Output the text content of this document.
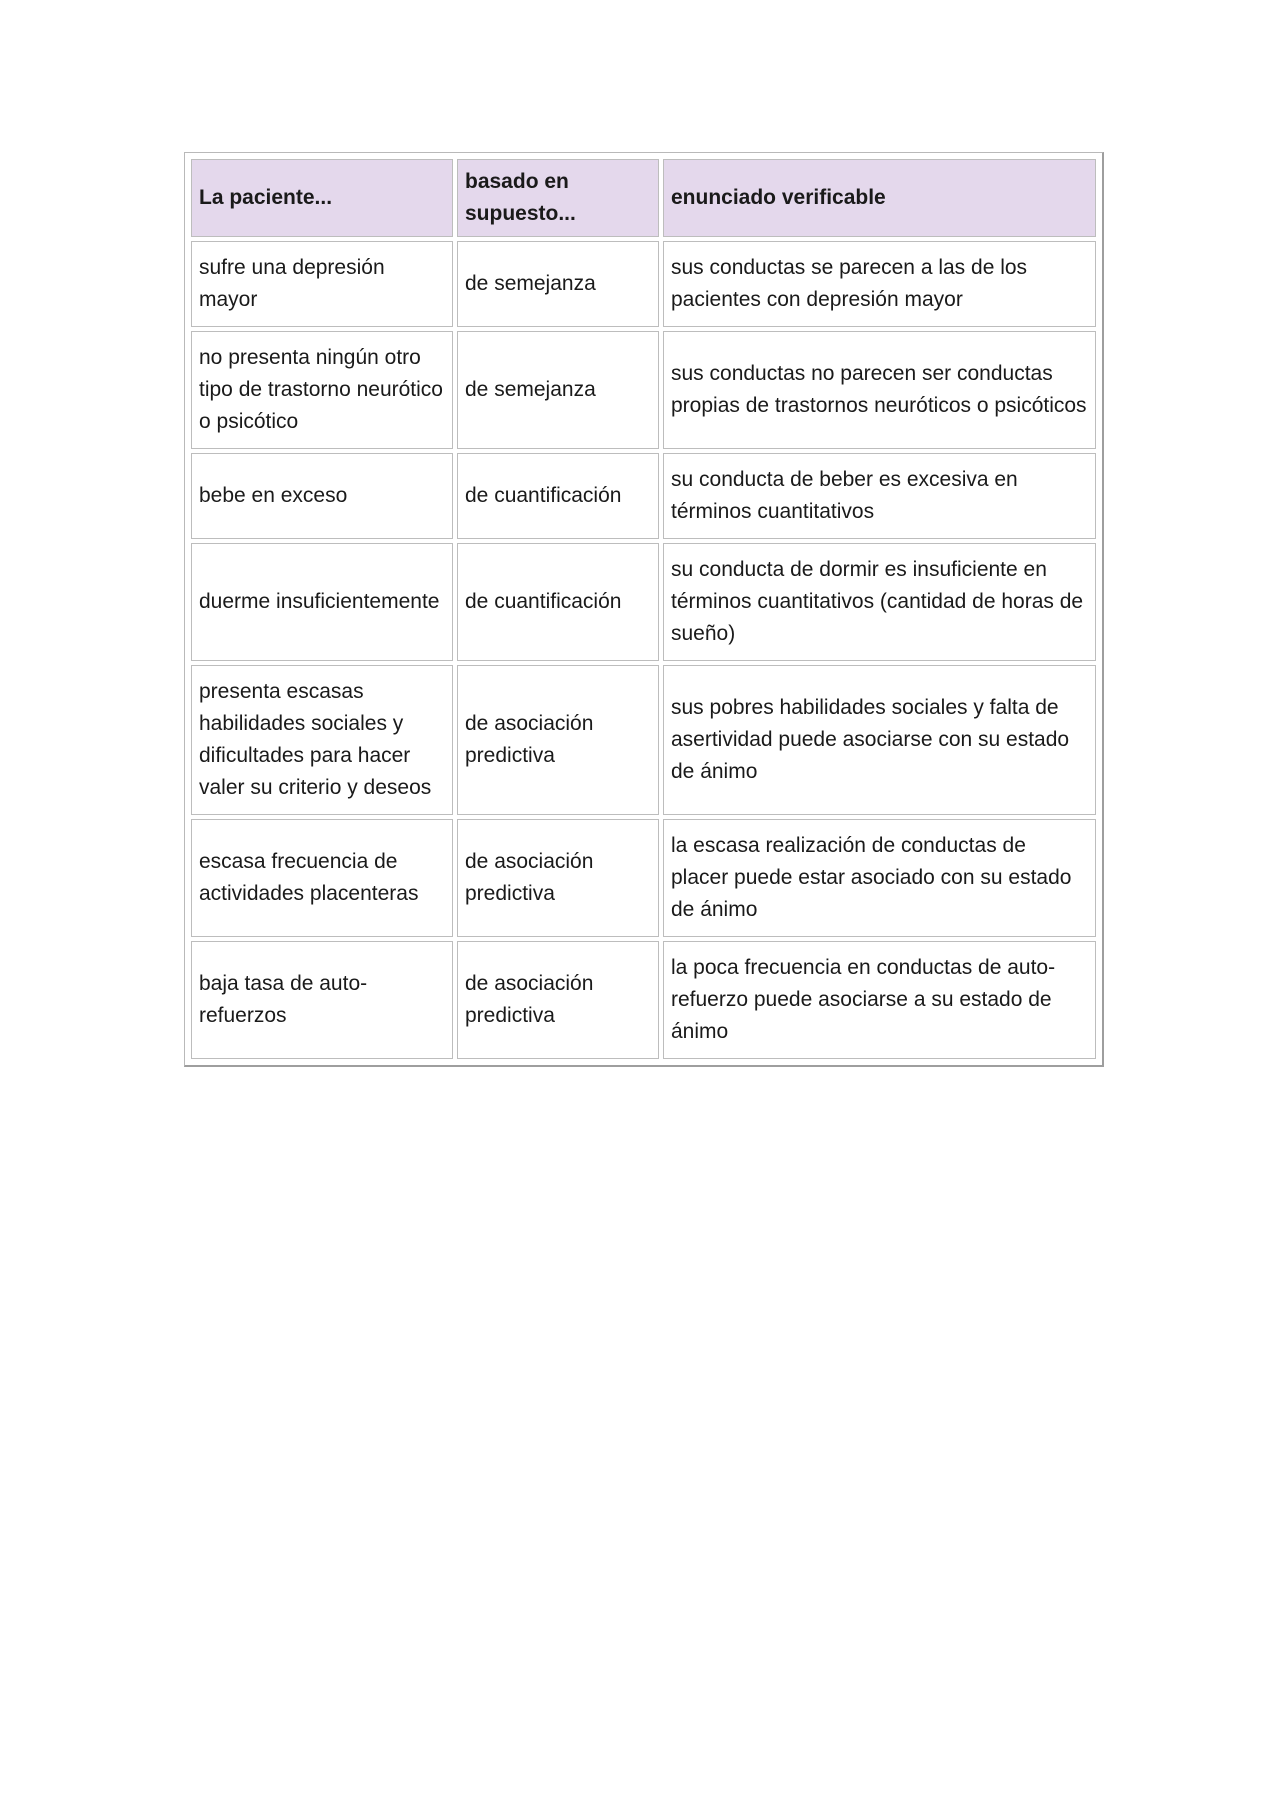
La paciente...	basado en supuesto...	enunciado verificable
sufre una depresión mayor	de semejanza	sus conductas se parecen a las de los pacientes con depresión mayor
no presenta ningún otro tipo de trastorno neurótico o psicótico	de semejanza	sus conductas no parecen ser conductas propias de trastornos neuróticos o psicóticos
bebe en exceso	de cuantificación	su conducta de beber es excesiva en términos cuantitativos
duerme insuficientemente	de cuantificación	su conducta de dormir es insuficiente en términos cuantitativos (cantidad de horas de sueño)
presenta escasas habilidades sociales y dificultades para hacer valer su criterio y deseos	de asociación predictiva	sus pobres habilidades sociales y falta de asertividad puede asociarse con su estado de ánimo
escasa frecuencia de actividades placenteras	de asociación predictiva	la escasa realización de conductas de placer puede estar asociado con su estado de ánimo
baja tasa de auto-refuerzos	de asociación predictiva	la poca frecuencia en conductas de auto-refuerzo puede asociarse a su estado de ánimo
